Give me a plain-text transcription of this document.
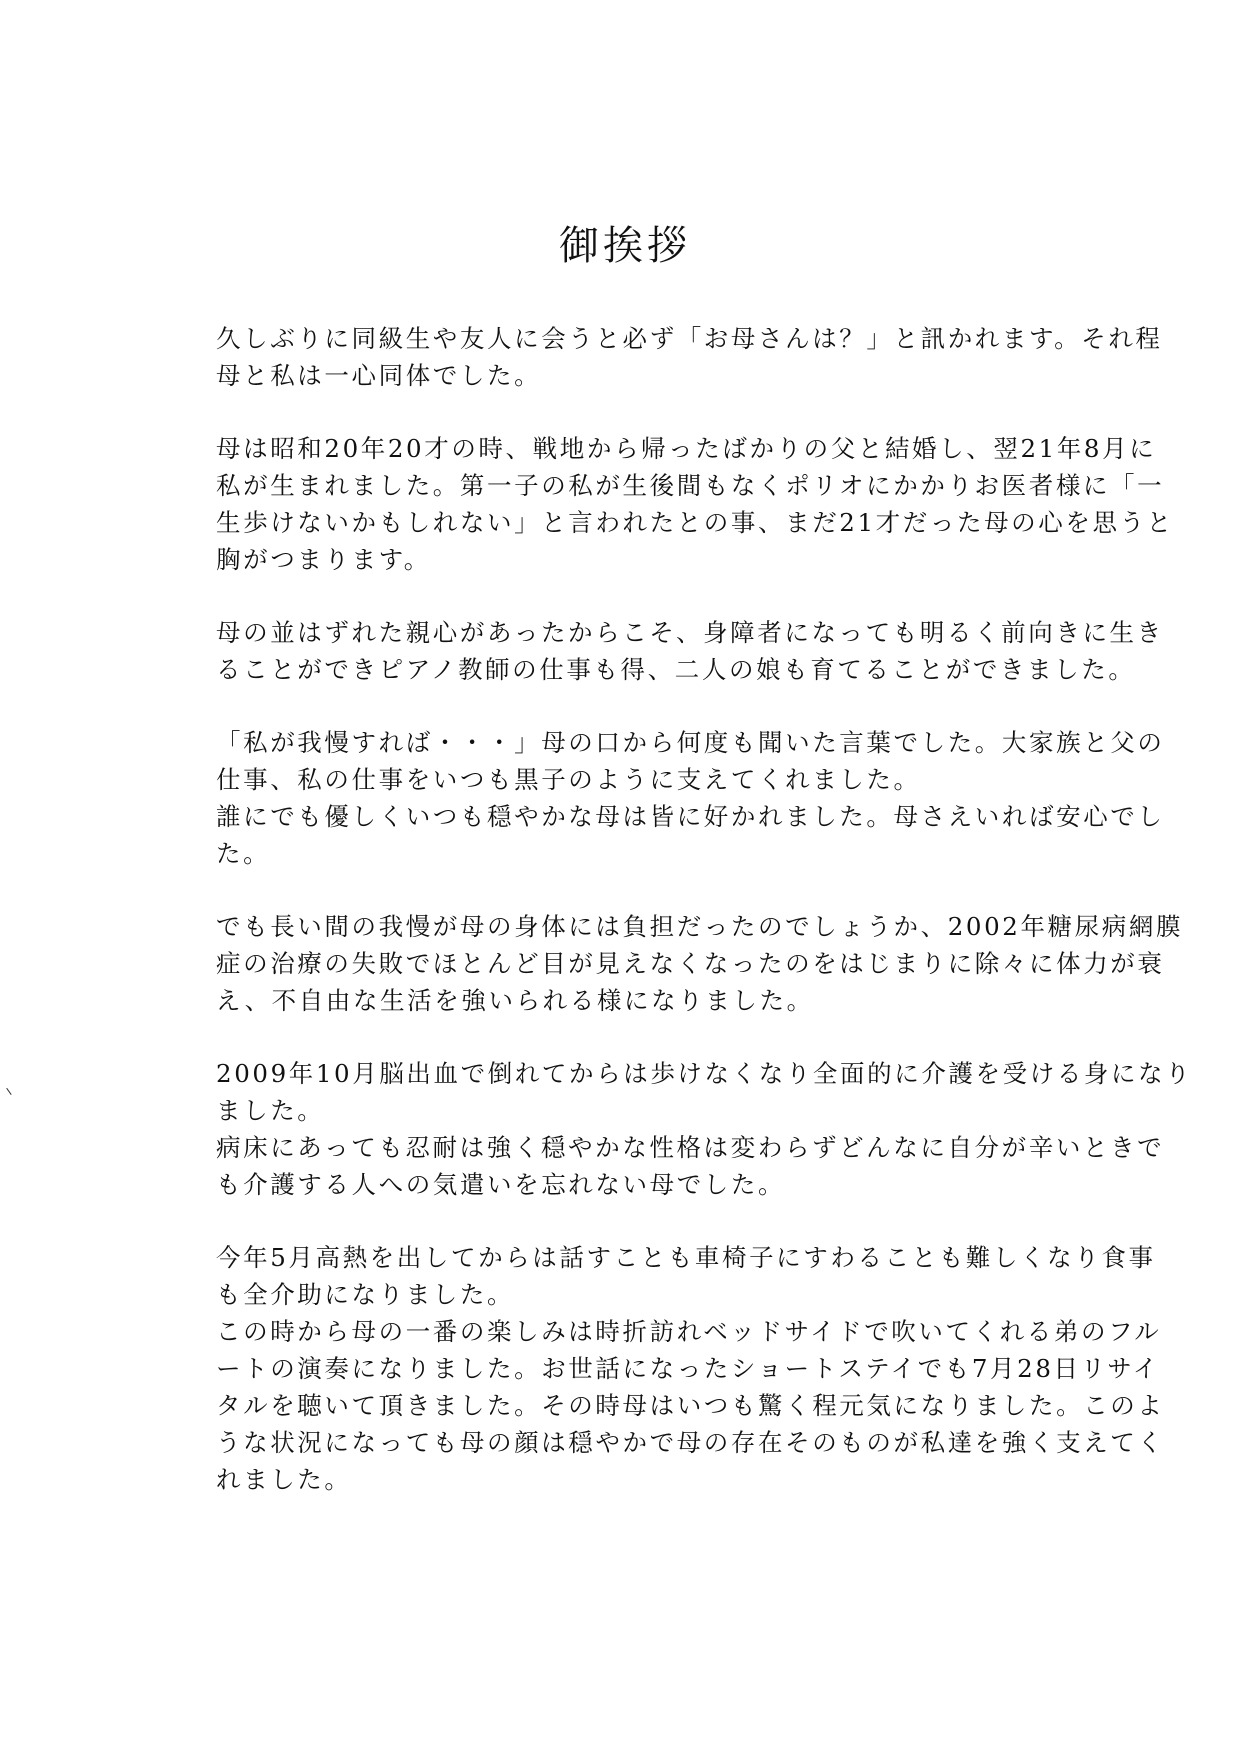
御挨拶

久しぶりに同級生や友人に会うと必ず「お母さんは？」と訊かれます。それ程
母と私は一心同体でした。

母は昭和20年20才の時、戦地から帰ったばかりの父と結婚し、翌21年8月に
私が生まれました。第一子の私が生後間もなくポリオにかかりお医者様に「一
生歩けないかもしれない」と言われたとの事、まだ21才だった母の心を思うと
胸がつまります。

母の並はずれた親心があったからこそ、身障者になっても明るく前向きに生き
ることができピアノ教師の仕事も得、二人の娘も育てることができました。

「私が我慢すれば・・・」母の口から何度も聞いた言葉でした。大家族と父の
仕事、私の仕事をいつも黒子のように支えてくれました。
誰にでも優しくいつも穏やかな母は皆に好かれました。母さえいれば安心でし
た。

でも長い間の我慢が母の身体には負担だったのでしょうか、2002年糖尿病網膜
症の治療の失敗でほとんど目が見えなくなったのをはじまりに除々に体力が衰
え、不自由な生活を強いられる様になりました。

2009年10月脳出血で倒れてからは歩けなくなり全面的に介護を受ける身になり
ました。
病床にあっても忍耐は強く穏やかな性格は変わらずどんなに自分が辛いときで
も介護する人への気遣いを忘れない母でした。

今年5月高熱を出してからは話すことも車椅子にすわることも難しくなり食事
も全介助になりました。
この時から母の一番の楽しみは時折訪れベッドサイドで吹いてくれる弟のフル
ートの演奏になりました。お世話になったショートステイでも7月28日リサイ
タルを聴いて頂きました。その時母はいつも驚く程元気になりました。このよ
うな状況になっても母の顔は穏やかで母の存在そのものが私達を強く支えてく
れました。
